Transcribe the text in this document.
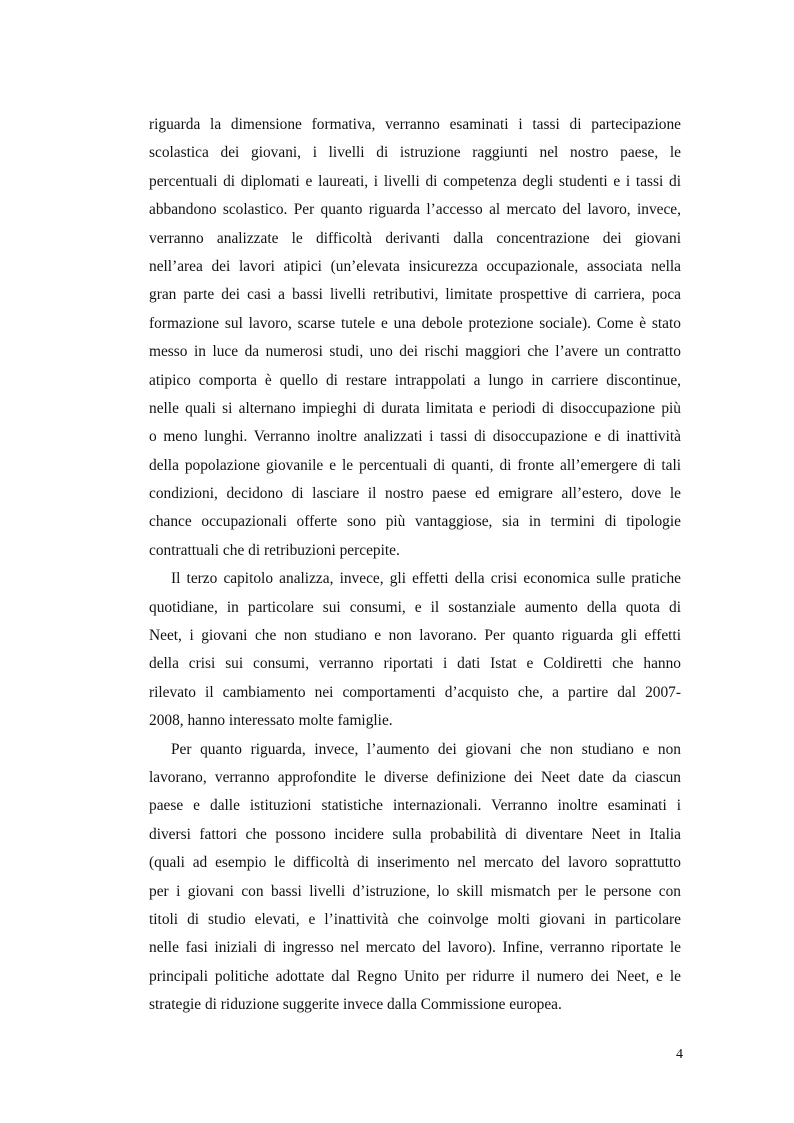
riguarda la dimensione formativa, verranno esaminati i tassi di partecipazione
scolastica dei giovani, i livelli di istruzione raggiunti nel nostro paese, le
percentuali di diplomati e laureati, i livelli di competenza degli studenti e i tassi di
abbandono scolastico. Per quanto riguarda l’accesso al mercato del lavoro, invece,
verranno analizzate le difficoltà derivanti dalla concentrazione dei giovani
nell’area dei lavori atipici (un’elevata insicurezza occupazionale, associata nella
gran parte dei casi a bassi livelli retributivi, limitate prospettive di carriera, poca
formazione sul lavoro, scarse tutele e una debole protezione sociale). Come è stato
messo in luce da numerosi studi, uno dei rischi maggiori che l’avere un contratto
atipico comporta è quello di restare intrappolati a lungo in carriere discontinue,
nelle quali si alternano impieghi di durata limitata e periodi di disoccupazione più
o meno lunghi. Verranno inoltre analizzati i tassi di disoccupazione e di inattività
della popolazione giovanile e le percentuali di quanti, di fronte all’emergere di tali
condizioni, decidono di lasciare il nostro paese ed emigrare all’estero, dove le
chance occupazionali offerte sono più vantaggiose, sia in termini di tipologie
contrattuali che di retribuzioni percepite.
Il terzo capitolo analizza, invece, gli effetti della crisi economica sulle pratiche
quotidiane, in particolare sui consumi, e il sostanziale aumento della quota di
Neet, i giovani che non studiano e non lavorano. Per quanto riguarda gli effetti
della crisi sui consumi, verranno riportati i dati Istat e Coldiretti che hanno
rilevato il cambiamento nei comportamenti d’acquisto che, a partire dal 2007-
2008, hanno interessato molte famiglie.
Per quanto riguarda, invece, l’aumento dei giovani che non studiano e non
lavorano, verranno approfondite le diverse definizione dei Neet date da ciascun
paese e dalle istituzioni statistiche internazionali. Verranno inoltre esaminati i
diversi fattori che possono incidere sulla probabilità di diventare Neet in Italia
(quali ad esempio le difficoltà di inserimento nel mercato del lavoro soprattutto
per i giovani con bassi livelli d’istruzione, lo skill mismatch per le persone con
titoli di studio elevati, e l’inattività che coinvolge molti giovani in particolare
nelle fasi iniziali di ingresso nel mercato del lavoro). Infine, verranno riportate le
principali politiche adottate dal Regno Unito per ridurre il numero dei Neet, e le
strategie di riduzione suggerite invece dalla Commissione europea.
4
